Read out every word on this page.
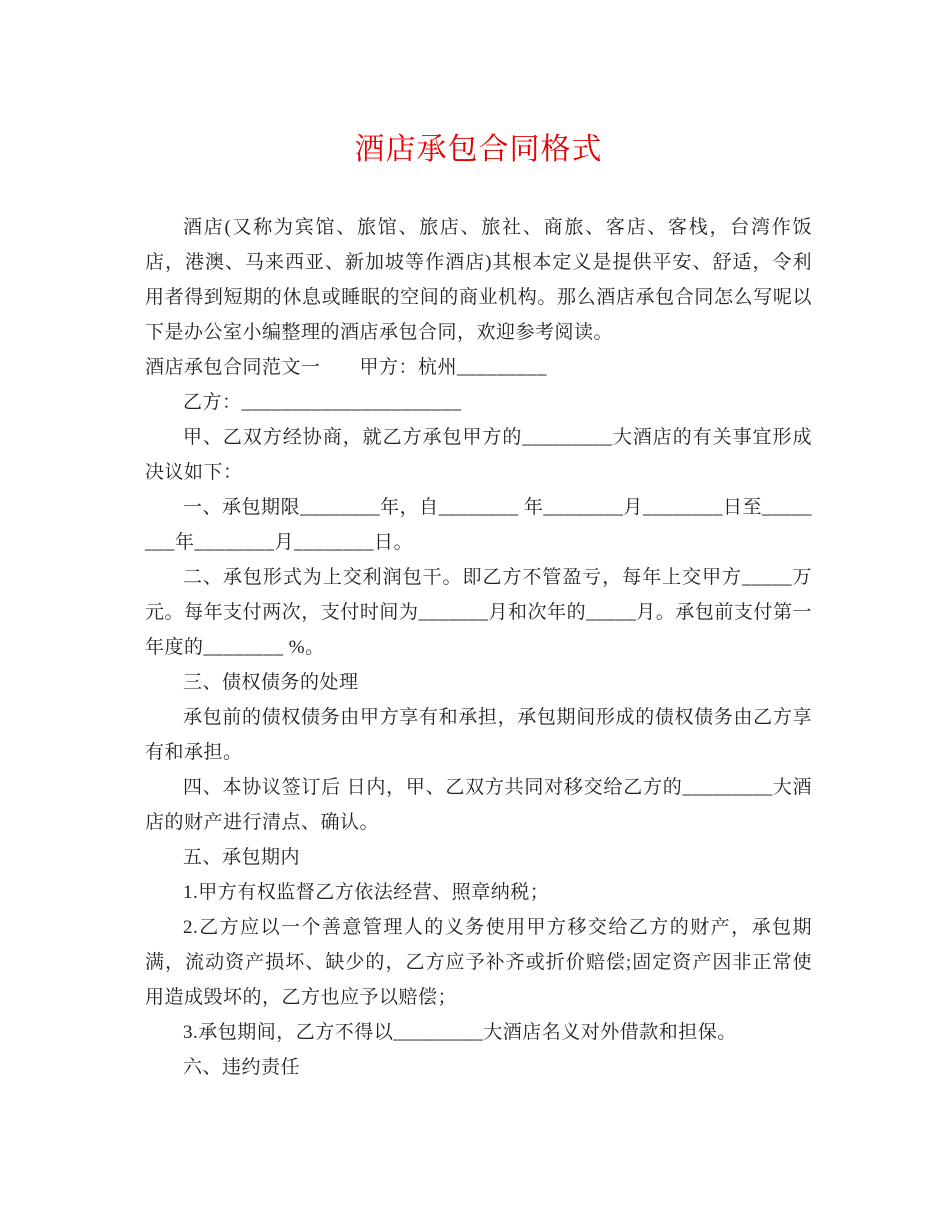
酒店承包合同格式

酒店(又称为宾馆、旅馆、旅店、旅社、商旅、客店、客栈，台湾作饭店，港澳、马来西亚、新加坡等作酒店)其根本定义是提供平安、舒适，令利用者得到短期的休息或睡眠的空间的商业机构。那么酒店承包合同怎么写呢以下是办公室小编整理的酒店承包合同，欢迎参考阅读。

酒店承包合同范文一　　甲方：杭州_________

乙方：______________________

甲、乙双方经协商，就乙方承包甲方的_________大酒店的有关事宜形成决议如下：

一、承包期限________年，自________ 年________月________日至________年________月________日。

二、承包形式为上交利润包干。即乙方不管盈亏，每年上交甲方_____万元。每年支付两次，支付时间为_______月和次年的_____月。承包前支付第一年度的________ %。

三、债权债务的处理

承包前的债权债务由甲方享有和承担，承包期间形成的债权债务由乙方享有和承担。

四、本协议签订后 日内，甲、乙双方共同对移交给乙方的_________大酒店的财产进行清点、确认。

五、承包期内

1.甲方有权监督乙方依法经营、照章纳税；

2.乙方应以一个善意管理人的义务使用甲方移交给乙方的财产，承包期满，流动资产损坏、缺少的，乙方应予补齐或折价赔偿;固定资产因非正常使用造成毁坏的，乙方也应予以赔偿；

3.承包期间，乙方不得以_________大酒店名义对外借款和担保。

六、违约责任
